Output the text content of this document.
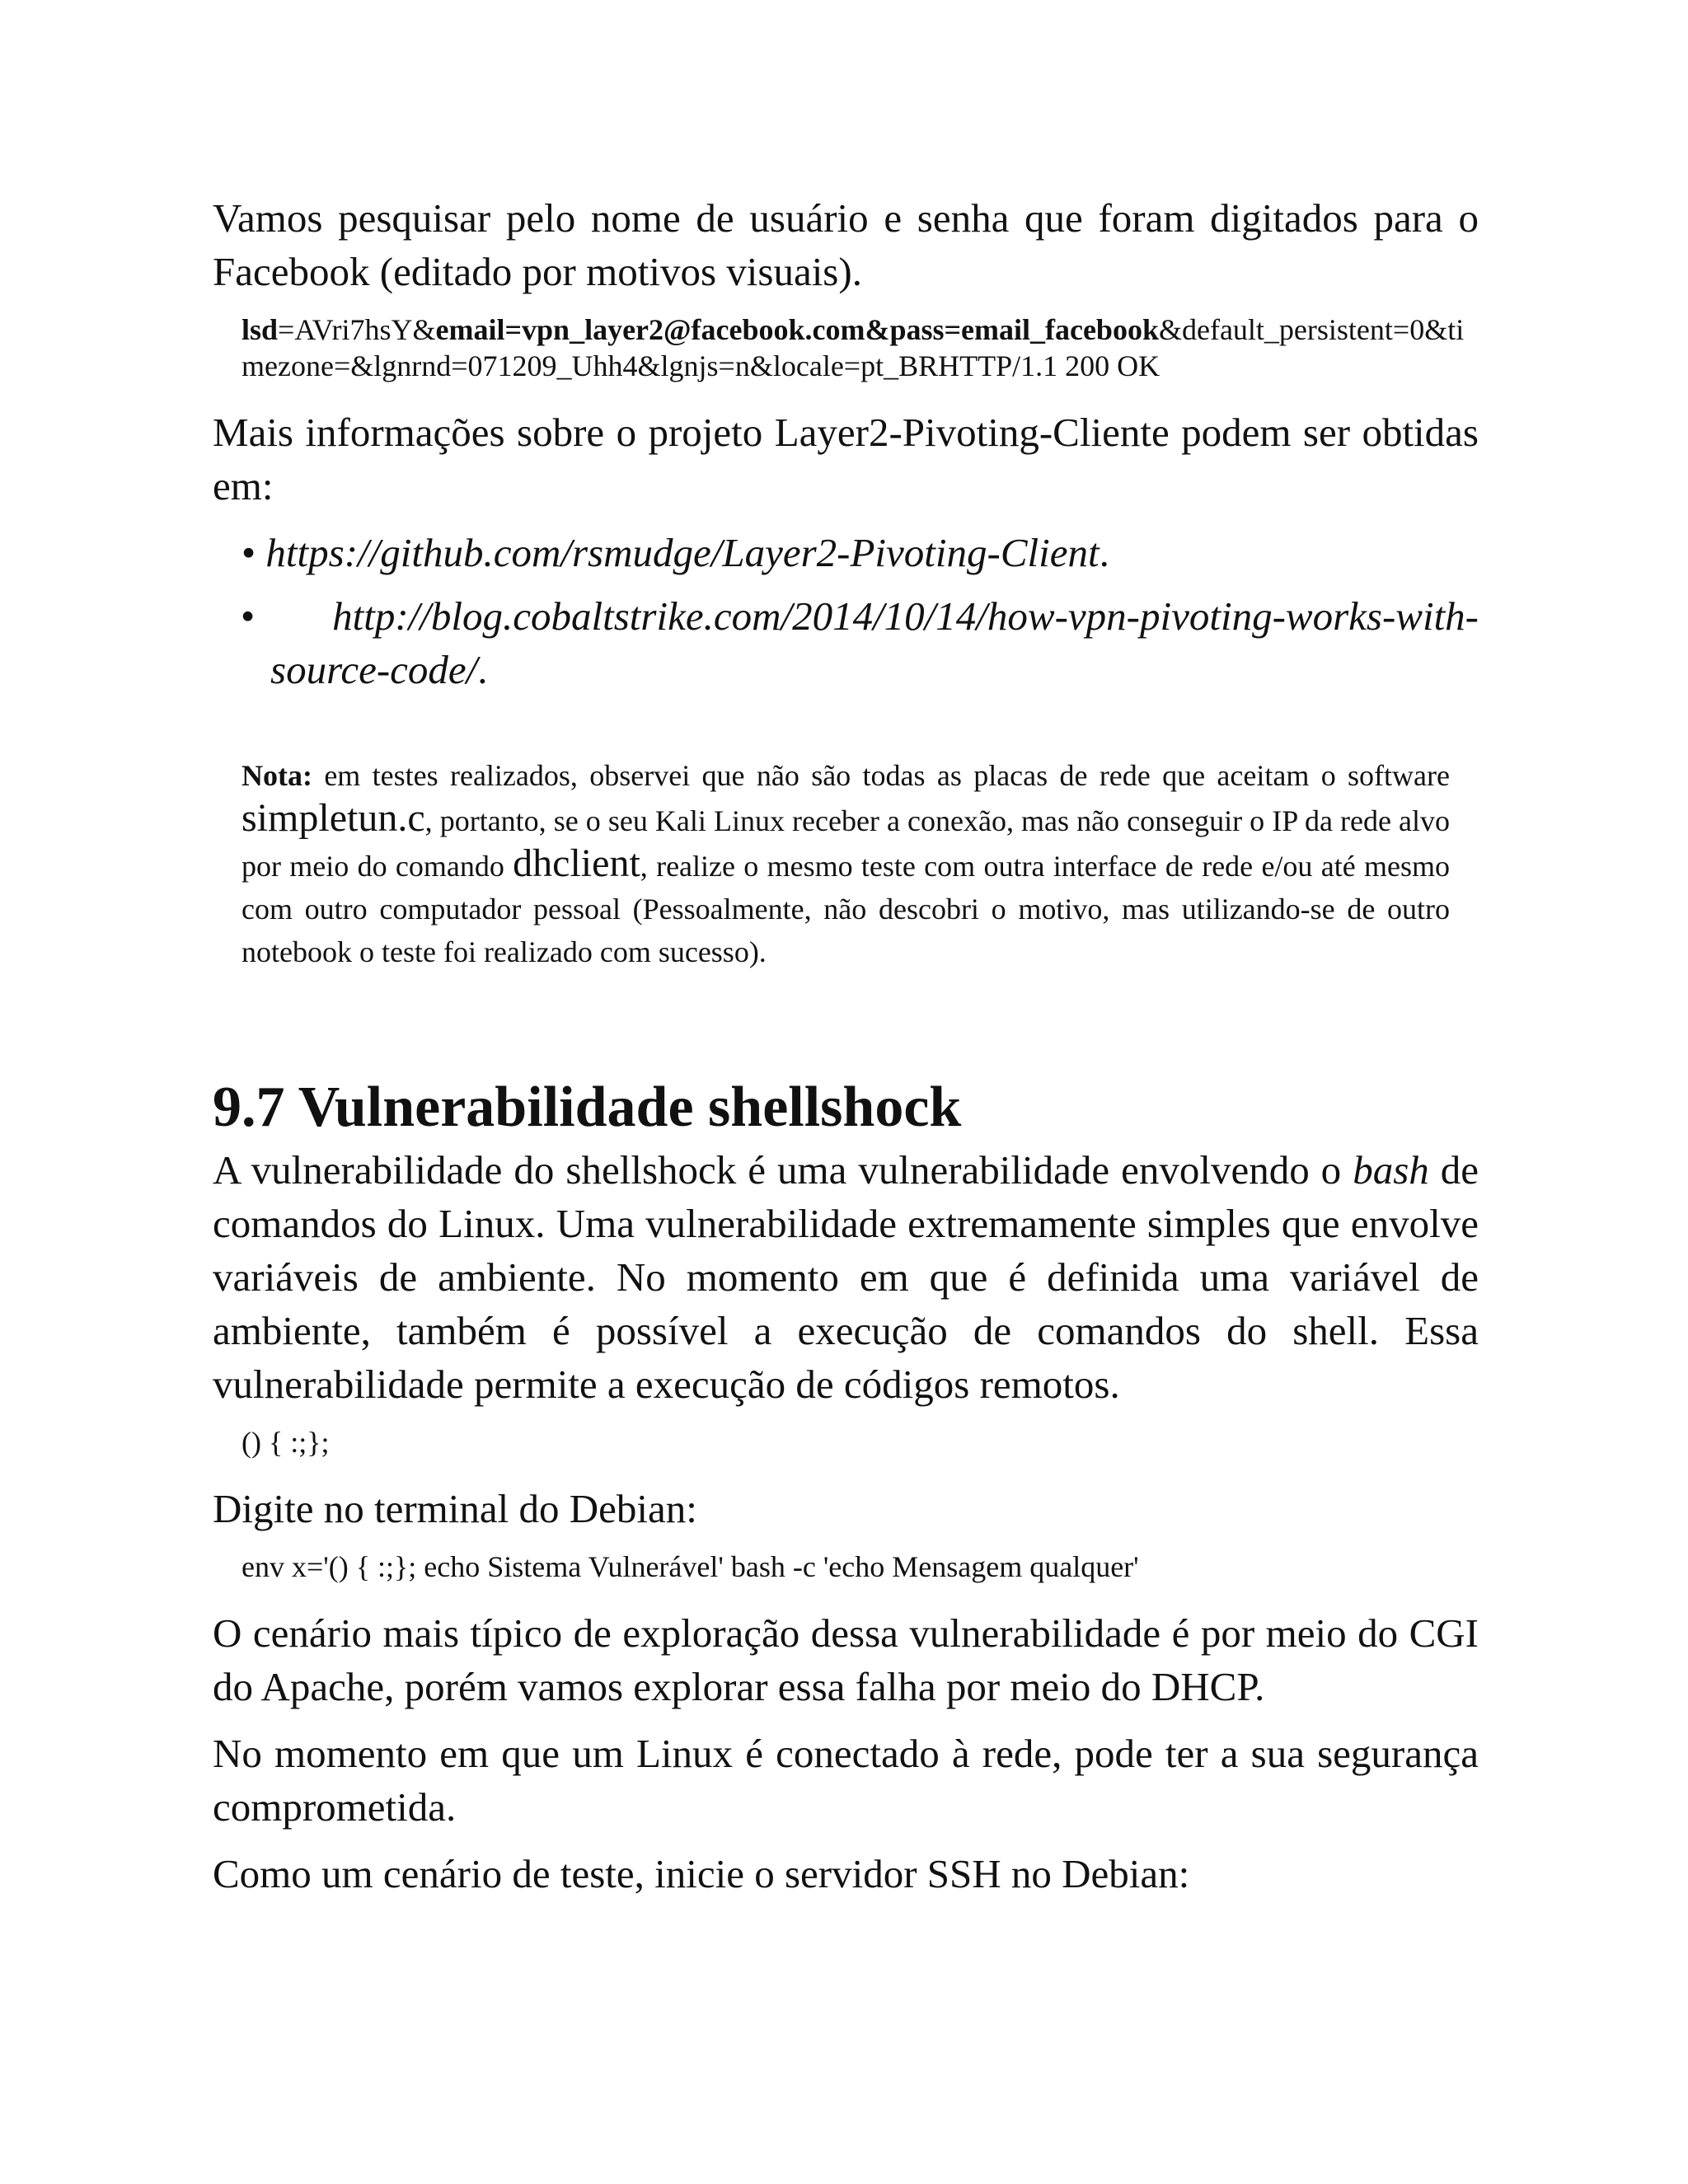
Vamos pesquisar pelo nome de usuário e senha que foram digitados para o Facebook (editado por motivos visuais).

lsd=AVri7hsY&email=vpn_layer2@facebook.com&pass=email_facebook&default_persistent=0&timezone=&lgnrnd=071209_Uhh4&lgnjs=n&locale=pt_BRHTTP/1.1 200 OK

Mais informações sobre o projeto Layer2-Pivoting-Cliente podem ser obtidas em:

• https://github.com/rsmudge/Layer2-Pivoting-Client.
• http://blog.cobaltstrike.com/2014/10/14/how-vpn-pivoting-works-with-source-code/.

Nota: em testes realizados, observei que não são todas as placas de rede que aceitam o software simpletun.c, portanto, se o seu Kali Linux receber a conexão, mas não conseguir o IP da rede alvo por meio do comando dhclient, realize o mesmo teste com outra interface de rede e/ou até mesmo com outro computador pessoal (Pessoalmente, não descobri o motivo, mas utilizando-se de outro notebook o teste foi realizado com sucesso).

9.7 Vulnerabilidade shellshock

A vulnerabilidade do shellshock é uma vulnerabilidade envolvendo o bash de comandos do Linux. Uma vulnerabilidade extremamente simples que envolve variáveis de ambiente. No momento em que é definida uma variável de ambiente, também é possível a execução de comandos do shell. Essa vulnerabilidade permite a execução de códigos remotos.

() { :;};

Digite no terminal do Debian:

env x='() { :;}; echo Sistema Vulnerável' bash -c 'echo Mensagem qualquer'

O cenário mais típico de exploração dessa vulnerabilidade é por meio do CGI do Apache, porém vamos explorar essa falha por meio do DHCP.

No momento em que um Linux é conectado à rede, pode ter a sua segurança comprometida.

Como um cenário de teste, inicie o servidor SSH no Debian:
